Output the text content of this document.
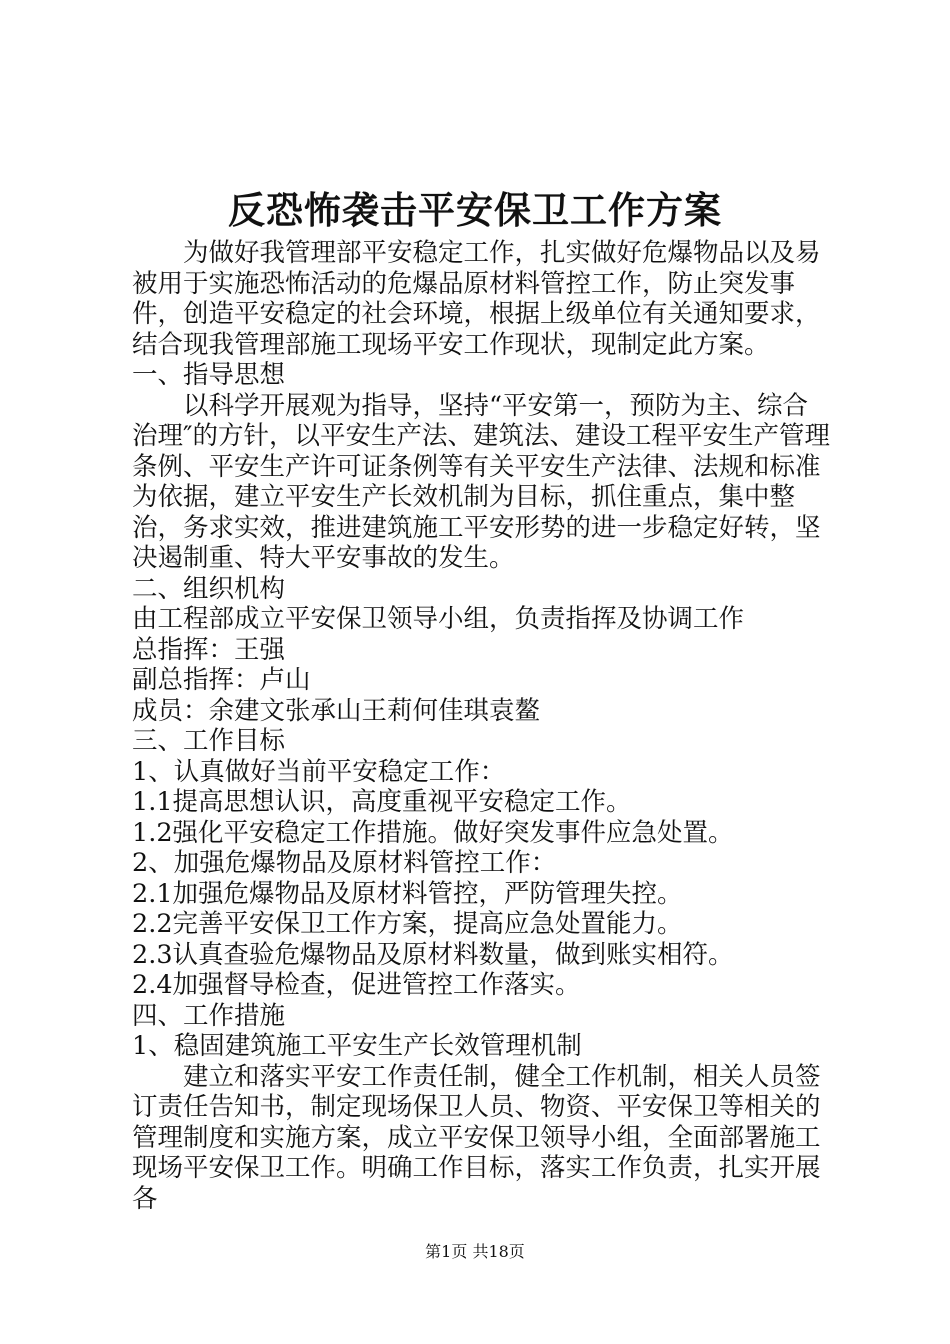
反恐怖袭击平安保卫工作方案

为做好我管理部平安稳定工作，扎实做好危爆物品以及易被用于实施恐怖活动的危爆品原材料管控工作，防止突发事件，创造平安稳定的社会环境，根据上级单位有关通知要求，结合现我管理部施工现场平安工作现状，现制定此方案。

一、指导思想

以科学开展观为指导，坚持“平安第一，预防为主、综合治理″的方针，以平安生产法、建筑法、建设工程平安生产管理条例、平安生产许可证条例等有关平安生产法律、法规和标准为依据，建立平安生产长效机制为目标，抓住重点，集中整治，务求实效，推进建筑施工平安形势的进一步稳定好转，坚决遏制重、特大平安事故的发生。

二、组织机构

由工程部成立平安保卫领导小组，负责指挥及协调工作

总指挥：王强

副总指挥：卢山

成员：余建文张承山王莉何佳琪袁鳌

三、工作目标

1、认真做好当前平安稳定工作：

1.1提高思想认识，高度重视平安稳定工作。

1.2强化平安稳定工作措施。做好突发事件应急处置。

2、加强危爆物品及原材料管控工作：

2.1加强危爆物品及原材料管控，严防管理失控。

2.2完善平安保卫工作方案，提高应急处置能力。

2.3认真查验危爆物品及原材料数量，做到账实相符。

2.4加强督导检查，促进管控工作落实。

四、工作措施

1、稳固建筑施工平安生产长效管理机制

建立和落实平安工作责任制，健全工作机制，相关人员签订责任告知书，制定现场保卫人员、物资、平安保卫等相关的管理制度和实施方案，成立平安保卫领导小组，全面部署施工现场平安保卫工作。明确工作目标，落实工作负责，扎实开展各

第1页 共18页
